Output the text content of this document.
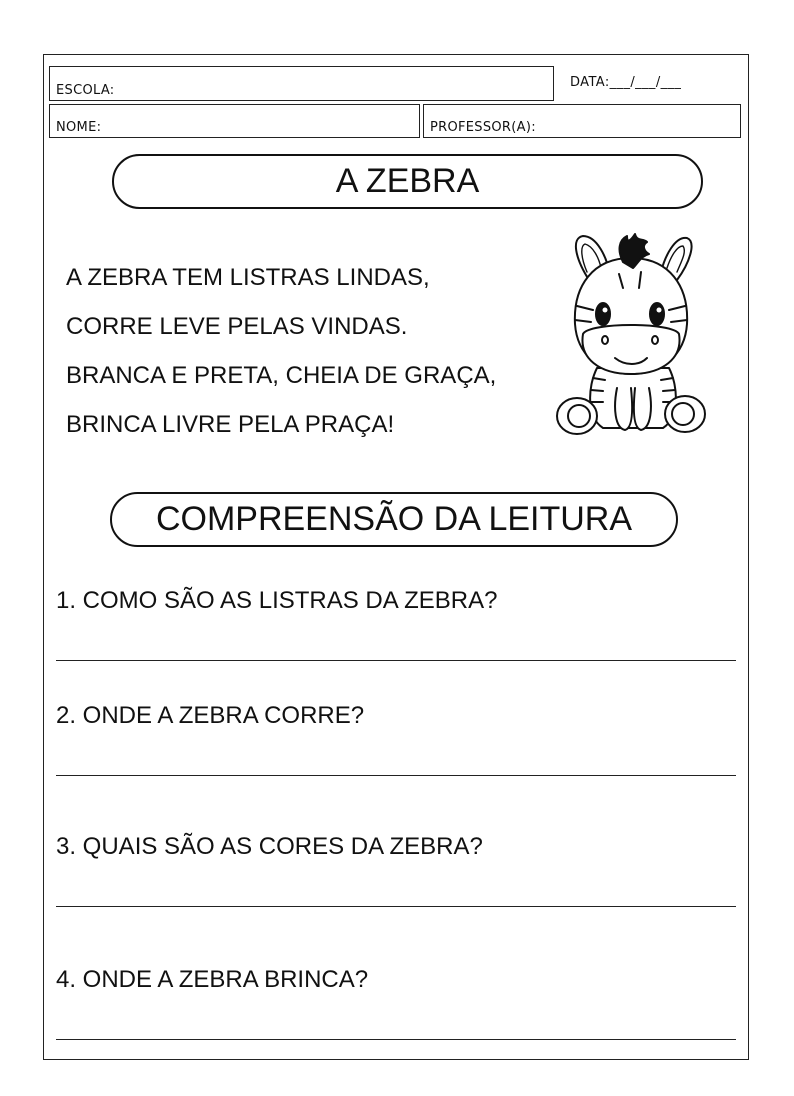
ESCOLA:
DATA:___/___/___
NOME:	PROFESSOR(A):
A ZEBRA
A ZEBRA TEM LISTRAS LINDAS,
CORRE LEVE PELAS VINDAS.
BRANCA E PRETA, CHEIA DE GRAÇA,
BRINCA LIVRE PELA PRAÇA!
COMPREENSÃO DA LEITURA
1. COMO SÃO AS LISTRAS DA ZEBRA?
2. ONDE A ZEBRA CORRE?
3. QUAIS SÃO AS CORES DA ZEBRA?
4. ONDE A ZEBRA BRINCA?
